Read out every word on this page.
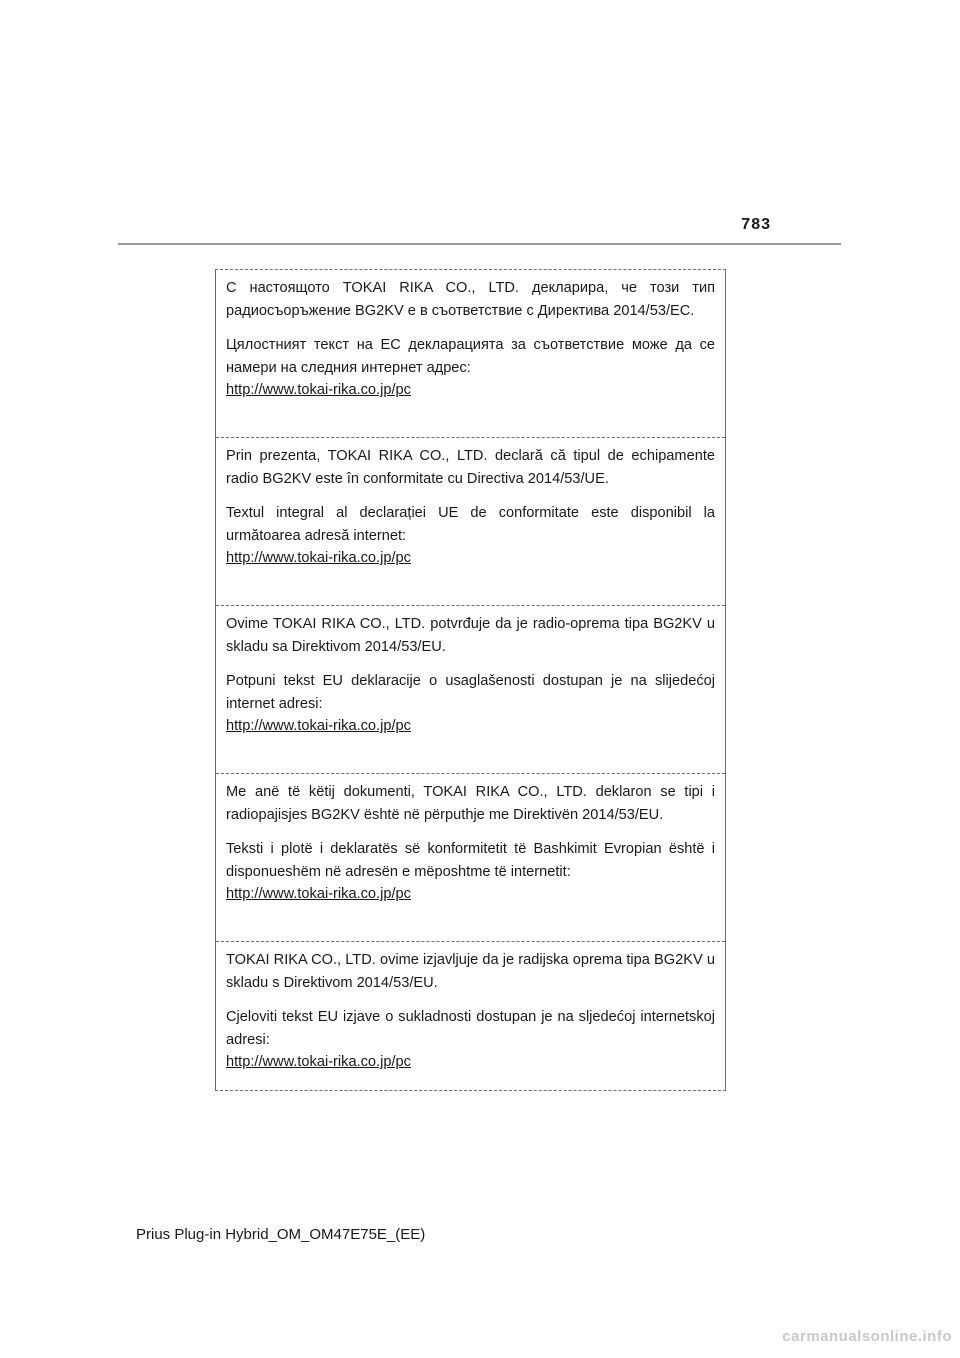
783

С настоящото TOKAI RIKA CO., LTD. декларира, че този тип радиосъоръжение BG2KV е в съответствие с Директива 2014/53/ЕС.

Цялостният текст на ЕС декларацията за съответствие може да се намери на следния интернет адрес:
http://www.tokai-rika.co.jp/pc

Prin prezenta, TOKAI RIKA CO., LTD. declară că tipul de echipamente radio BG2KV este în conformitate cu Directiva 2014/53/UE.

Textul integral al declarației UE de conformitate este disponibil la următoarea adresă internet:
http://www.tokai-rika.co.jp/pc

Ovime TOKAI RIKA CO., LTD. potvrđuje da je radio-oprema tipa BG2KV u skladu sa Direktivom 2014/53/EU.

Potpuni tekst EU deklaracije o usaglašenosti dostupan je na slijedećoj internet adresi:
http://www.tokai-rika.co.jp/pc

Me anë të këtij dokumenti, TOKAI RIKA CO., LTD. deklaron se tipi i radiopajisjes BG2KV është në përputhje me Direktivën 2014/53/EU.

Teksti i plotë i deklaratës së konformitetit të Bashkimit Evropian është i disponueshëm në adresën e mëposhtme të internetit:
http://www.tokai-rika.co.jp/pc

TOKAI RIKA CO., LTD. ovime izjavljuje da je radijska oprema tipa BG2KV u skladu s Direktivom 2014/53/EU.

Cjeloviti tekst EU izjave o sukladnosti dostupan je na sljedećoj internetskoj adresi:
http://www.tokai-rika.co.jp/pc

Prius Plug-in Hybrid_OM_OM47E75E_(EE)
carmanualsonline.info
